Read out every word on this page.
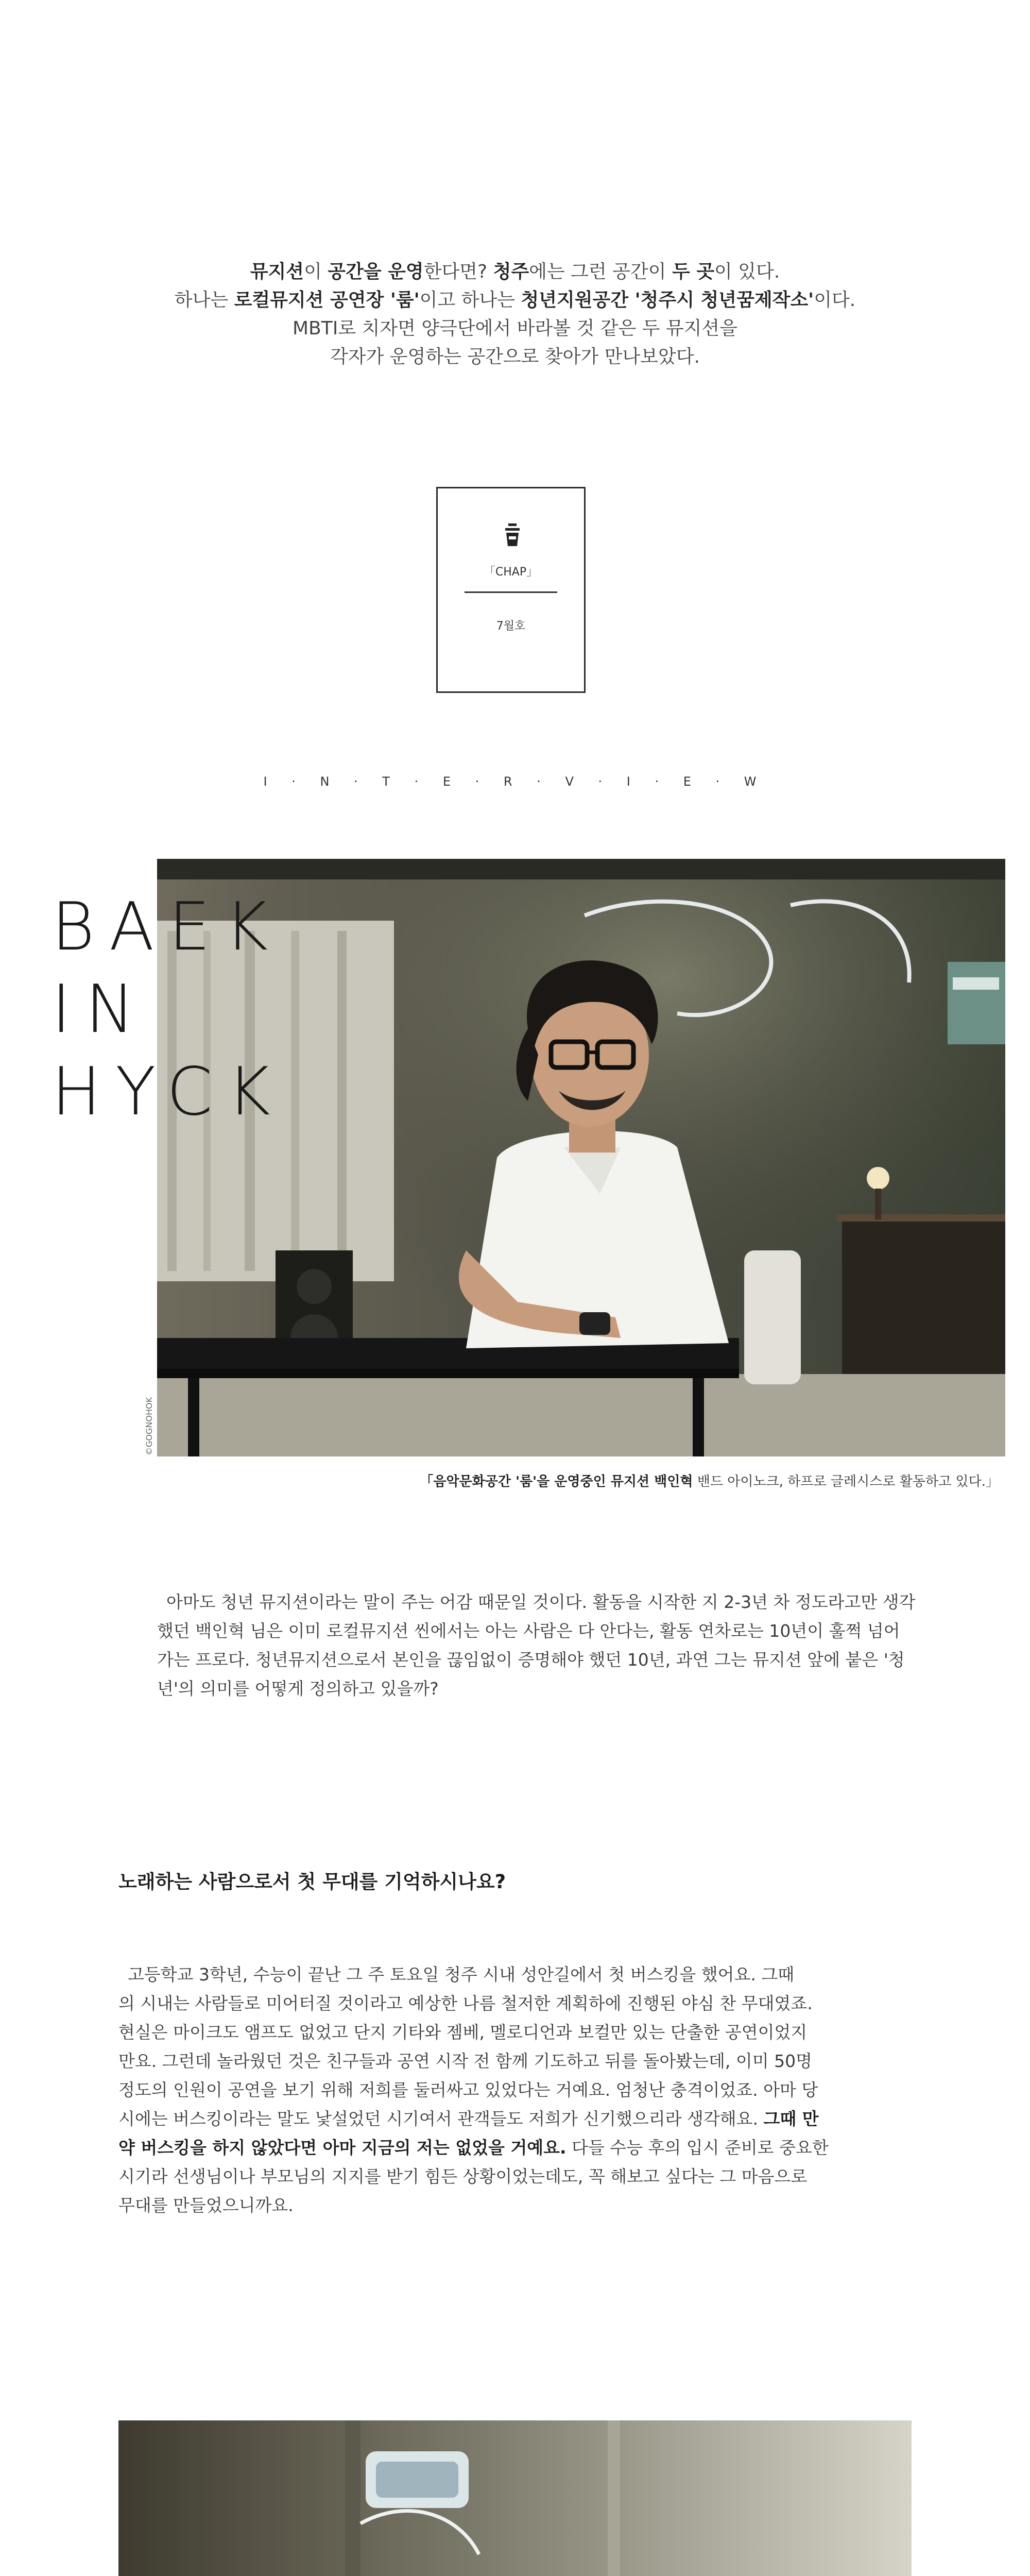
뮤지션이 공간을 운영한다면? 청주에는 그런 공간이 두 곳이 있다.
하나는 로컬뮤지션 공연장 '룸'이고 하나는 청년지원공간 '청주시 청년꿈제작소'이다.
MBTI로 치자면 양극단에서 바라볼 것 같은 두 뮤지션을
각자가 운영하는 공간으로 찾아가 만나보았다.
「CHAP」
7월호
I · N · T · E · R · V · I · E · W
BAEK
IN
HYCK
©GOGNOHOK
「음악문화공간 '룸'을 운영중인 뮤지션 백인혁 밴드 아이노크, 하프로 글레시스로 활동하고 있다.」
아마도 청년 뮤지션이라는 말이 주는 어감 때문일 것이다. 활동을 시작한 지 2-3년 차 정도라고만 생각
했던 백인혁 님은 이미 로컬뮤지션 씬에서는 아는 사람은 다 안다는, 활동 연차로는 10년이 훌쩍 넘어
가는 프로다. 청년뮤지션으로서 본인을 끊임없이 증명해야 했던 10년, 과연 그는 뮤지션 앞에 붙은 '청
년'의 의미를 어떻게 정의하고 있을까?
노래하는 사람으로서 첫 무대를 기억하시나요?
고등학교 3학년, 수능이 끝난 그 주 토요일 청주 시내 성안길에서 첫 버스킹을 했어요. 그때
의 시내는 사람들로 미어터질 것이라고 예상한 나름 철저한 계획하에 진행된 야심 찬 무대였죠.
현실은 마이크도 앰프도 없었고 단지 기타와 젬베, 멜로디언과 보컬만 있는 단출한 공연이었지
만요. 그런데 놀라웠던 것은 친구들과 공연 시작 전 함께 기도하고 뒤를 돌아봤는데, 이미 50명
정도의 인원이 공연을 보기 위해 저희를 둘러싸고 있었다는 거예요. 엄청난 충격이었죠. 아마 당
시에는 버스킹이라는 말도 낯설었던 시기여서 관객들도 저희가 신기했으리라 생각해요. 그때 만
약 버스킹을 하지 않았다면 아마 지금의 저는 없었을 거예요. 다들 수능 후의 입시 준비로 중요한
시기라 선생님이나 부모님의 지지를 받기 힘든 상황이었는데도, 꼭 해보고 싶다는 그 마음으로
무대를 만들었으니까요.
